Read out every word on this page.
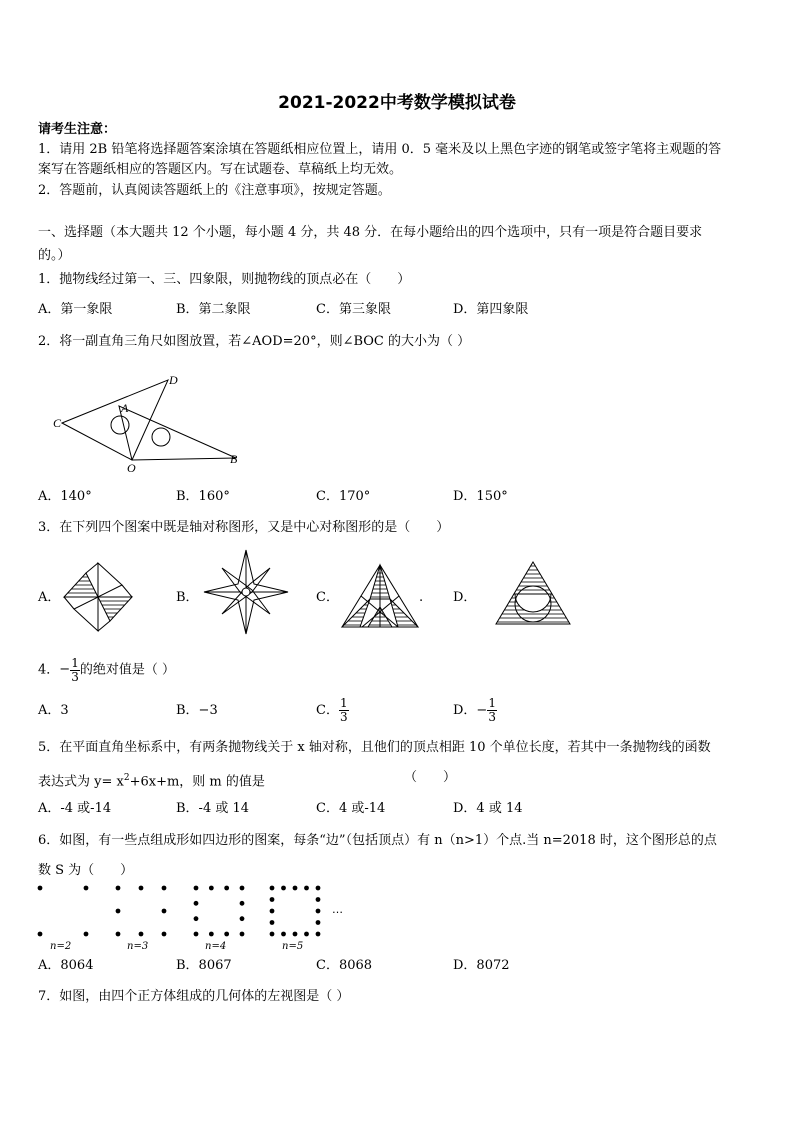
2021-2022中考数学模拟试卷
请考生注意：
1．请用 2B 铅笔将选择题答案涂填在答题纸相应位置上，请用 0．5 毫米及以上黑色字迹的钢笔或签字笔将主观题的答
案写在答题纸相应的答题区内。写在试题卷、草稿纸上均无效。
2．答题前，认真阅读答题纸上的《注意事项》，按规定答题。
一、选择题（本大题共 12 个小题，每小题 4 分，共 48 分．在每小题给出的四个选项中，只有一项是符合题目要求
的。）
1．抛物线经过第一、三、四象限，则抛物线的顶点必在（　　）
A．第一象限	B．第二象限	C．第三象限	D．第四象限
2．将一副直角三角尺如图放置，若∠AOD=20°，则∠BOC 的大小为（ ）
C
A
D
O
B
A．140°	B．160°	C．170°	D．150°
3．在下列四个图案中既是轴对称图形，又是中心对称图形的是（　　）
A．	B．	C．	. D．
4．− $\frac{1}{3}$ 的绝对值是（ ）
A．3	B．−3	C． $\frac{1}{3}$	D．− $\frac{1}{3}$
5．在平面直角坐标系中，有两条抛物线关于 x 轴对称，且他们的顶点相距 10 个单位长度，若其中一条抛物线的函数
表达式为 $y= x^2+6x+m$，则 m 的值是	（　　）
A．-4 或-14	B．-4 或 14	C．4 或-14	D．4 或 14
6．如图，有一些点组成形如四边形的图案，每条“边”（包括顶点）有 n（n>1）个点.当 n=2018 时，这个图形总的点
数 S 为（　　）
…
n=2	n=3	n=4	n=5
A．8064	B．8067	C．8068	D．8072
7．如图，由四个正方体组成的几何体的左视图是（ ）
